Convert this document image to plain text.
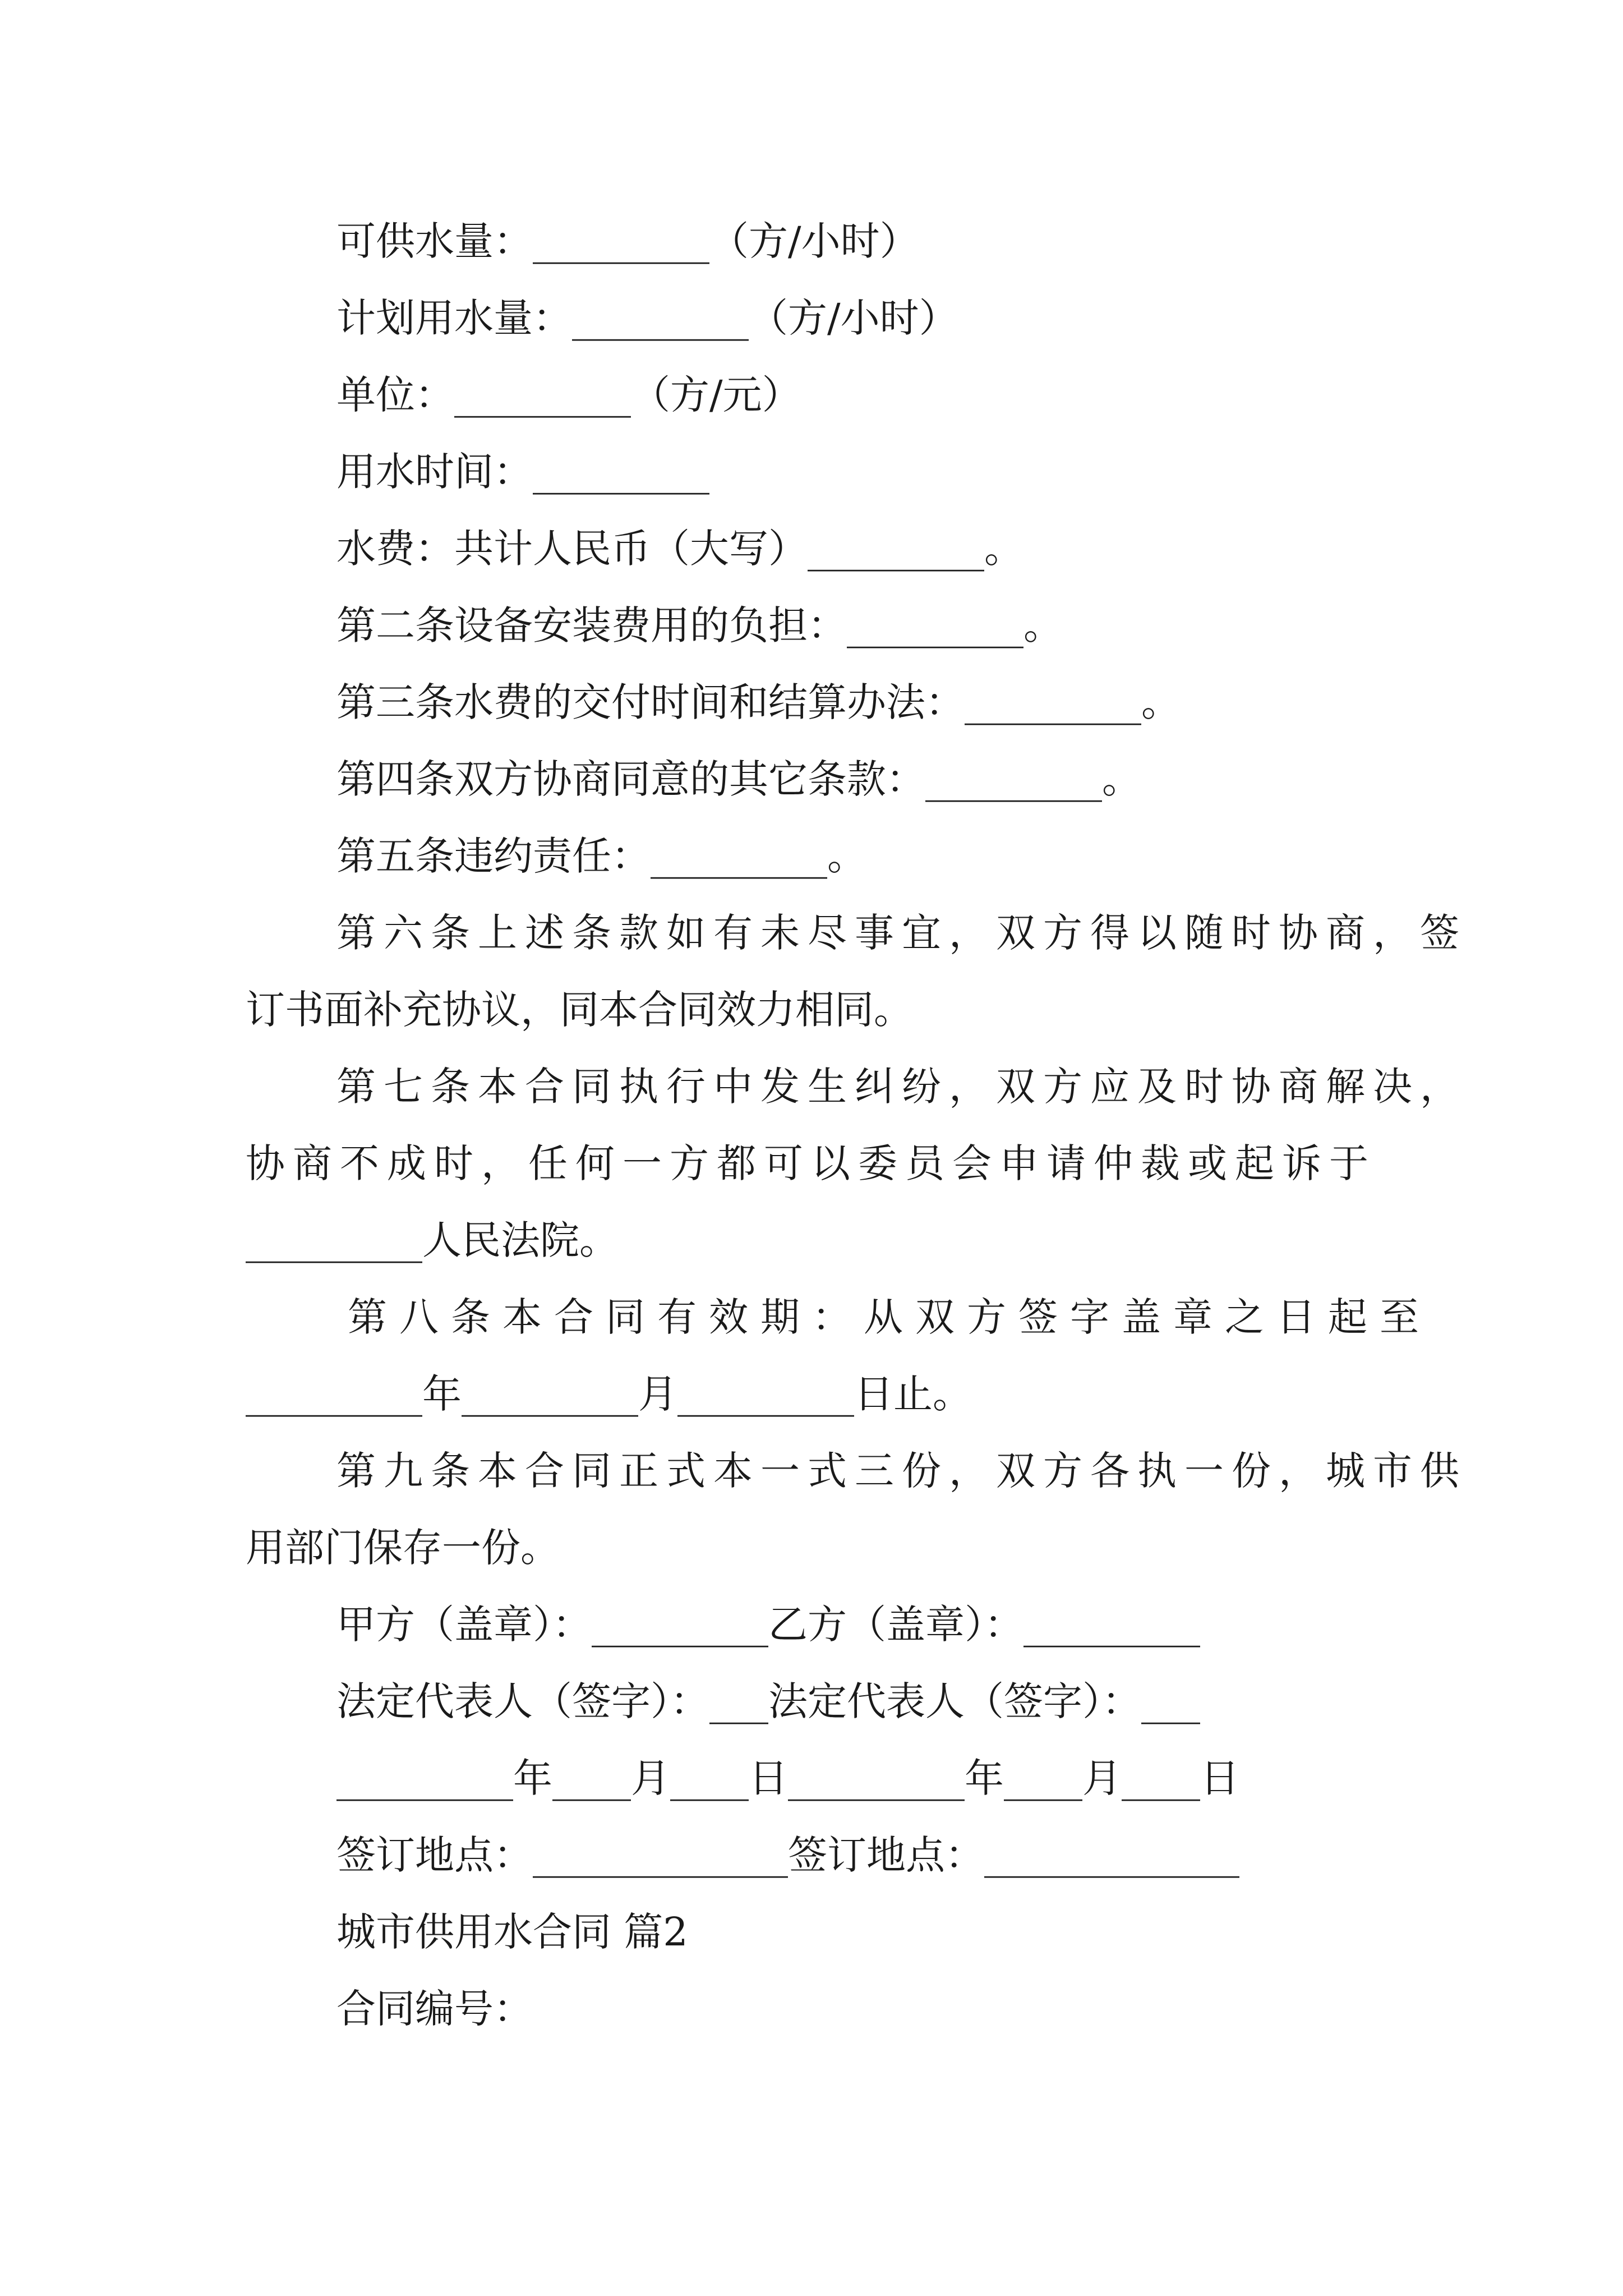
可供水量：_________（方/小时）
计划用水量：_________（方/小时）
单位：_________（方/元）
用水时间：_________
水费：共计人民币（大写）_________。
第二条设备安装费用的负担：_________。
第三条水费的交付时间和结算办法：_________。
第四条双方协商同意的其它条款：_________。
第五条违约责任：_________。
第六条上述条款如有未尽事宜，双方得以随时协商，签
订书面补充协议，同本合同效力相同。
第七条本合同执行中发生纠纷，双方应及时协商解决，
协商不成时，任何一方都可以委员会申请仲裁或起诉于
_________人民法院。
第八条本合同有效期：从双方签字盖章之日起至
_________年_________月_________日止。
第九条本合同正式本一式三份，双方各执一份，城市供
用部门保存一份。
甲方（盖章）：_________乙方（盖章）：_________
法定代表人（签字）：___法定代表人（签字）：___
_________年____月____日_________年____月____日
签订地点：_____________签订地点：_____________
城市供用水合同 篇2
合同编号：
